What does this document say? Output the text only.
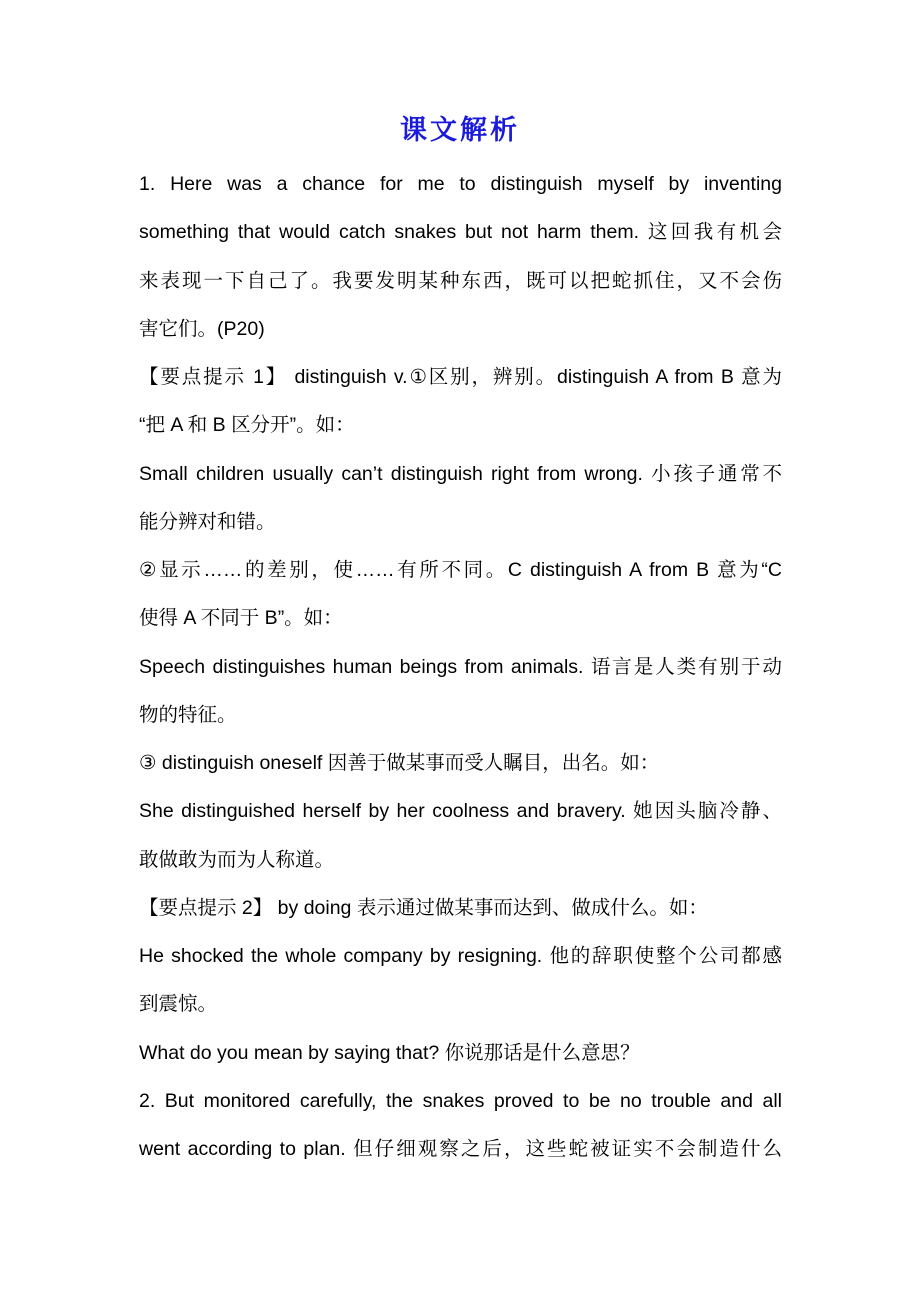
课文解析
1. Here was a chance for me to distinguish myself by inventing
something that would catch snakes but not harm them. 这回我有机会
来表现一下自己了。我要发明某种东西，既可以把蛇抓住，又不会伤
害它们。(P20)
【要点提示 1】 distinguish v.①区别，辨别。distinguish A from B 意为
“把 A 和 B 区分开”。如：
Small children usually can’t distinguish right from wrong. 小孩子通常不
能分辨对和错。
②显示……的差别，使……有所不同。C distinguish A from B 意为“C
使得 A 不同于 B”。如：
Speech distinguishes human beings from animals. 语言是人类有别于动
物的特征。
③ distinguish oneself 因善于做某事而受人瞩目，出名。如：
She distinguished herself by her coolness and bravery. 她因头脑冷静、
敢做敢为而为人称道。
【要点提示 2】 by doing 表示通过做某事而达到、做成什么。如：
He shocked the whole company by resigning. 他的辞职使整个公司都感
到震惊。
What do you mean by saying that? 你说那话是什么意思？
2. But monitored carefully, the snakes proved to be no trouble and all
went according to plan. 但仔细观察之后，这些蛇被证实不会制造什么
